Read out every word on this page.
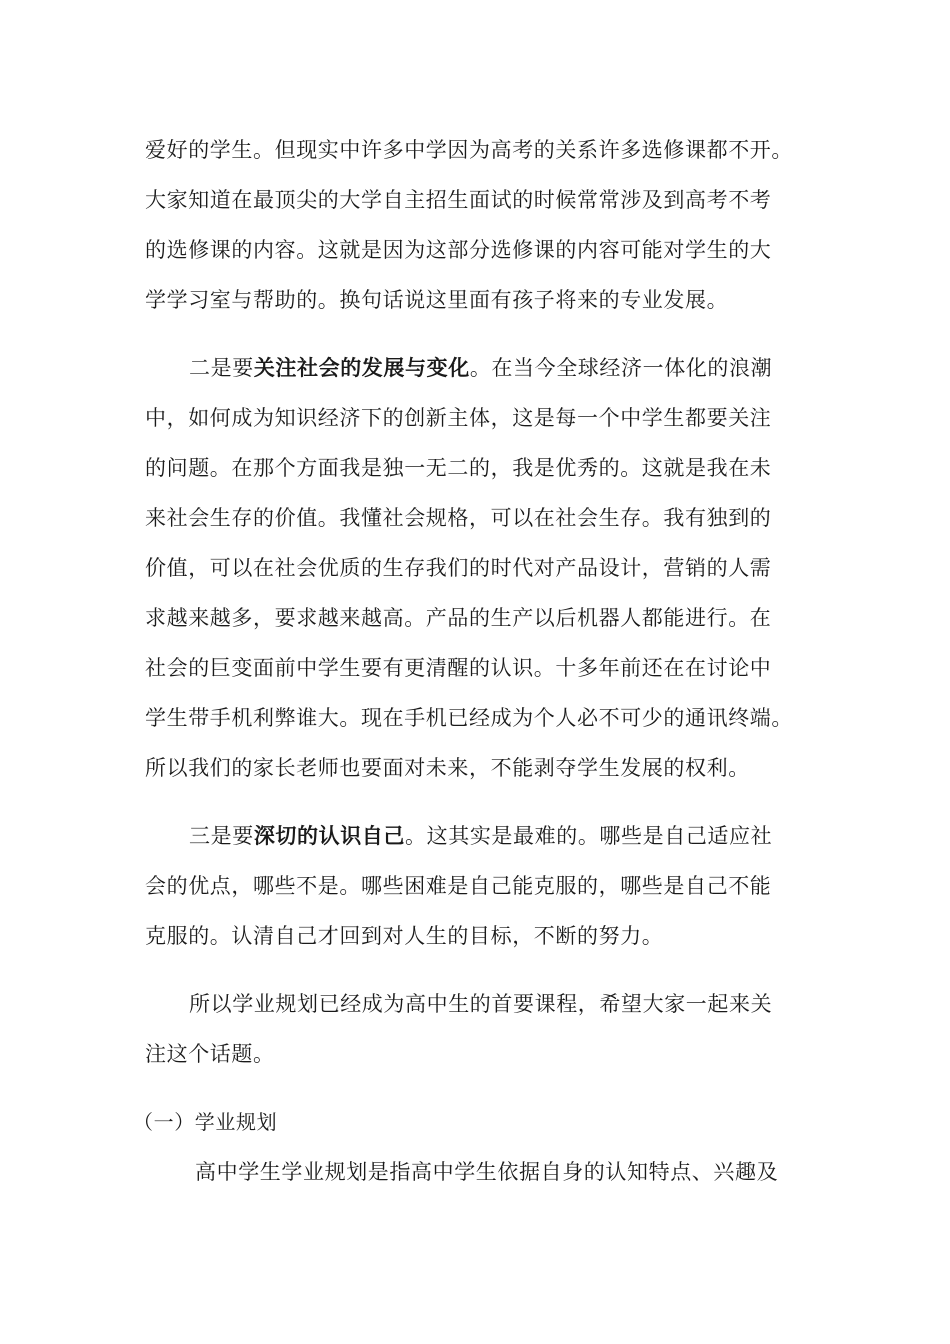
爱好的学生。但现实中许多中学因为高考的关系许多选修课都不开。
大家知道在最顶尖的大学自主招生面试的时候常常涉及到高考不考
的选修课的内容。这就是因为这部分选修课的内容可能对学生的大
学学习室与帮助的。换句话说这里面有孩子将来的专业发展。
二是要关注社会的发展与变化。在当今全球经济一体化的浪潮
中，如何成为知识经济下的创新主体，这是每一个中学生都要关注
的问题。在那个方面我是独一无二的，我是优秀的。这就是我在未
来社会生存的价值。我懂社会规格，可以在社会生存。我有独到的
价值，可以在社会优质的生存我们的时代对产品设计，营销的人需
求越来越多，要求越来越高。产品的生产以后机器人都能进行。在
社会的巨变面前中学生要有更清醒的认识。十多年前还在在讨论中
学生带手机利弊谁大。现在手机已经成为个人必不可少的通讯终端。
所以我们的家长老师也要面对未来，不能剥夺学生发展的权利。
三是要深切的认识自己。这其实是最难的。哪些是自己适应社
会的优点，哪些不是。哪些困难是自己能克服的，哪些是自己不能
克服的。认清自己才回到对人生的目标，不断的努力。
所以学业规划已经成为高中生的首要课程，希望大家一起来关
注这个话题。
（一）学业规划
高中学生学业规划是指高中学生依据自身的认知特点、兴趣及
